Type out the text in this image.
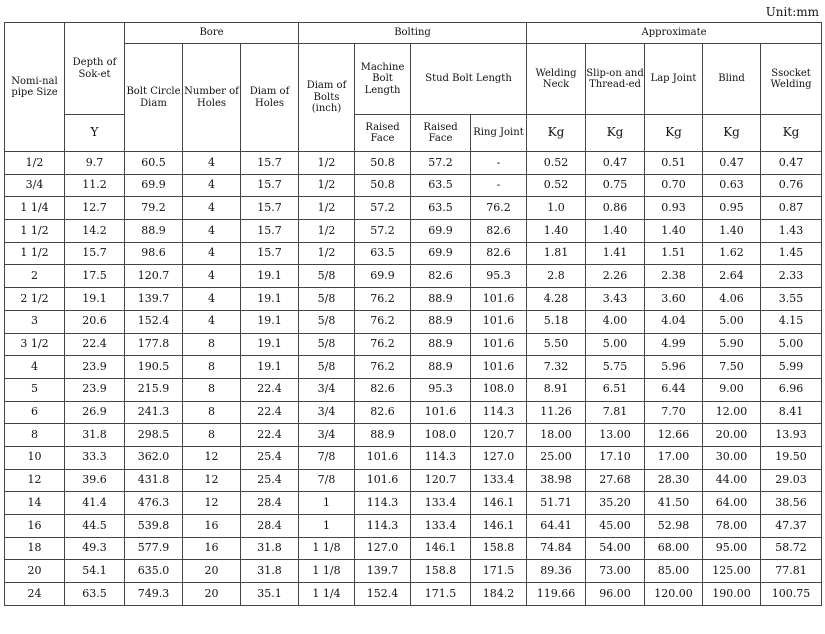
Unit:mm
Nomi-nal pipe Size	Depth of Sok-et	Bore			Bolting				Approximate				
		Bolt Circle Diam	Number of Holes	Diam of Holes	Diam of Bolts (inch)	Machine Bolt Length	Stud Bolt Length		Welding Neck	Slip-on and Thread-ed	Lap Joint	Blind	Ssocket Welding
	Y					Raised Face	Raised Face	Ring Joint	Kg	Kg	Kg	Kg	Kg
1/2	9.7	60.5	4	15.7	1/2	50.8	57.2	-	0.52	0.47	0.51	0.47	0.47
3/4	11.2	69.9	4	15.7	1/2	50.8	63.5	-	0.52	0.75	0.70	0.63	0.76
1 1/4	12.7	79.2	4	15.7	1/2	57.2	63.5	76.2	1.0	0.86	0.93	0.95	0.87
1 1/2	14.2	88.9	4	15.7	1/2	57.2	69.9	82.6	1.40	1.40	1.40	1.40	1.43
1 1/2	15.7	98.6	4	15.7	1/2	63.5	69.9	82.6	1.81	1.41	1.51	1.62	1.45
2	17.5	120.7	4	19.1	5/8	69.9	82.6	95.3	2.8	2.26	2.38	2.64	2.33
2 1/2	19.1	139.7	4	19.1	5/8	76.2	88.9	101.6	4.28	3.43	3.60	4.06	3.55
3	20.6	152.4	4	19.1	5/8	76.2	88.9	101.6	5.18	4.00	4.04	5.00	4.15
3 1/2	22.4	177.8	8	19.1	5/8	76.2	88.9	101.6	5.50	5.00	4.99	5.90	5.00
4	23.9	190.5	8	19.1	5/8	76.2	88.9	101.6	7.32	5.75	5.96	7.50	5.99
5	23.9	215.9	8	22.4	3/4	82.6	95.3	108.0	8.91	6.51	6.44	9.00	6.96
6	26.9	241.3	8	22.4	3/4	82.6	101.6	114.3	11.26	7.81	7.70	12.00	8.41
8	31.8	298.5	8	22.4	3/4	88.9	108.0	120.7	18.00	13.00	12.66	20.00	13.93
10	33.3	362.0	12	25.4	7/8	101.6	114.3	127.0	25.00	17.10	17.00	30.00	19.50
12	39.6	431.8	12	25.4	7/8	101.6	120.7	133.4	38.98	27.68	28.30	44.00	29.03
14	41.4	476.3	12	28.4	1	114.3	133.4	146.1	51.71	35.20	41.50	64.00	38.56
16	44.5	539.8	16	28.4	1	114.3	133.4	146.1	64.41	45.00	52.98	78.00	47.37
18	49.3	577.9	16	31.8	1 1/8	127.0	146.1	158.8	74.84	54.00	68.00	95.00	58.72
20	54.1	635.0	20	31.8	1 1/8	139.7	158.8	171.5	89.36	73.00	85.00	125.00	77.81
24	63.5	749.3	20	35.1	1 1/4	152.4	171.5	184.2	119.66	96.00	120.00	190.00	100.75
